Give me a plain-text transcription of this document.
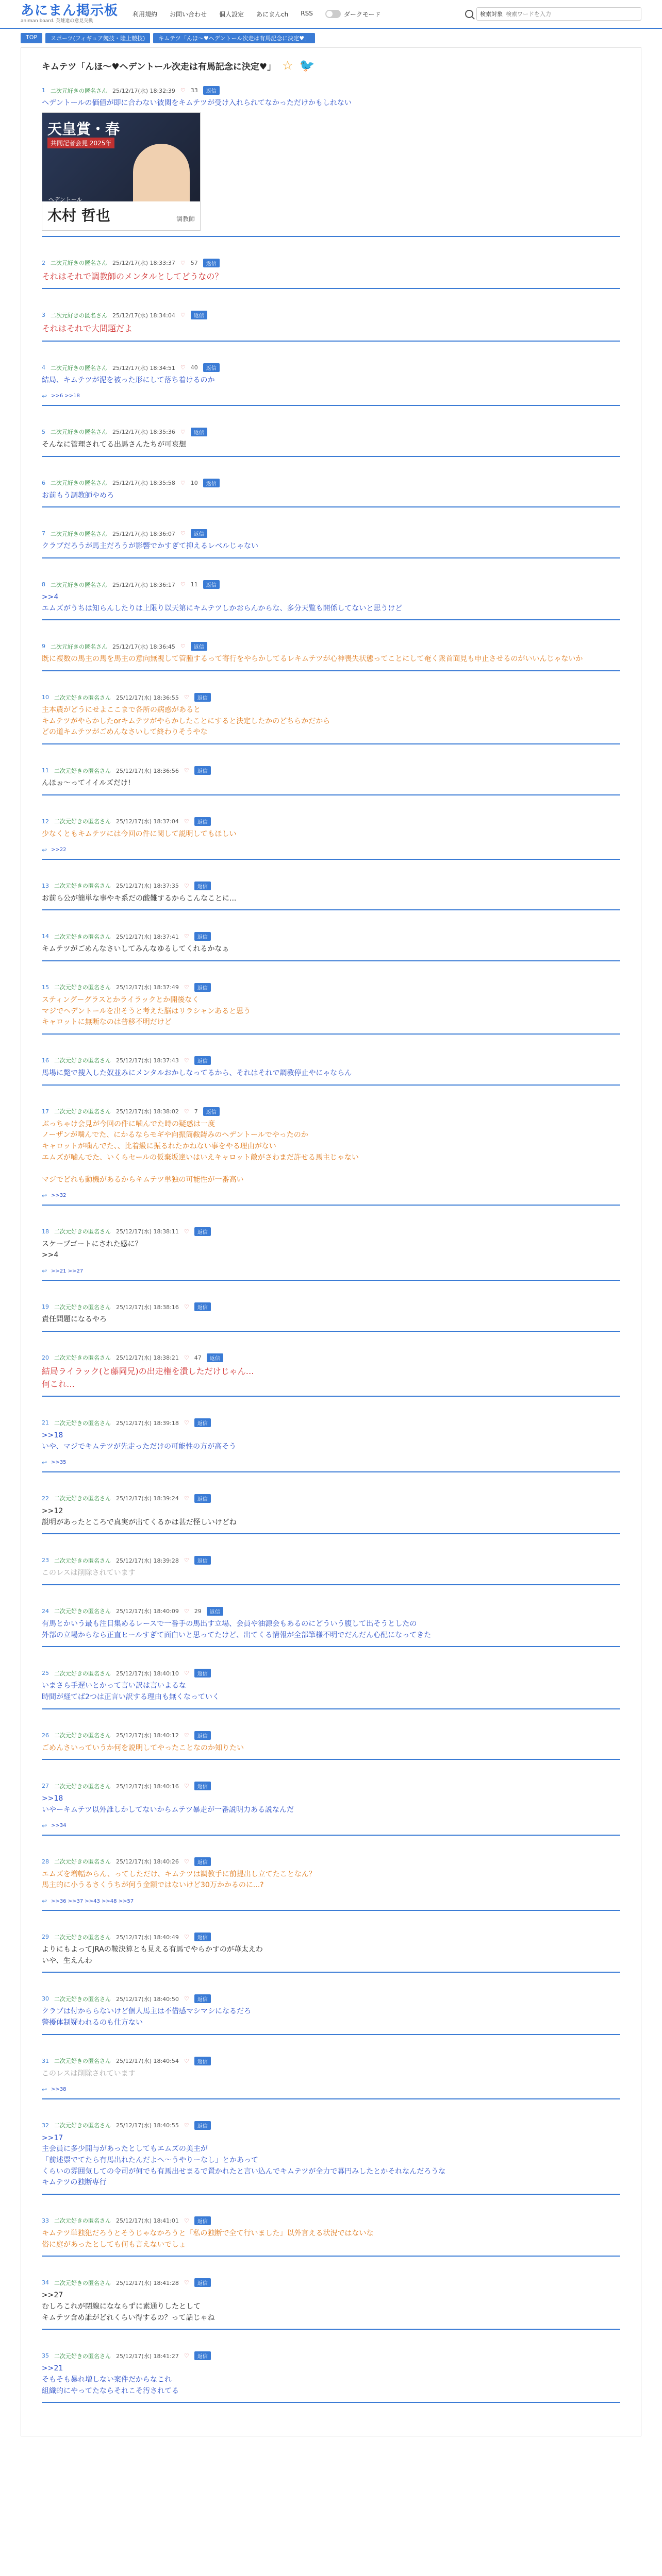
あにまん掲示板
animan board. 英雄達の意見交換
利用規約 お問い合わせ 個人設定 あにまんch RSS	ダークモード	検索対象
検索ワードを入力
TOP	スポーツ(フィギュア競技・陸上競技)	キムテツ「んほ〜♥ヘデントール次走は有馬記念に決定♥」
キムテツ「んほ〜♥ヘデントール次走は有馬記念に決定♥」 ☆ 🐦
1 二次元好きの匿名さん 25/12/17(水) 18:32:39 ♡ 33	返信
ヘデントールの価値が即に合わない彼関をキムテツが受け入れられてなかっただけかもしれない
天皇賞・春
共同記者会見 2025年
木村 哲也	調教師
ヘデントール
2 二次元好きの匿名さん 25/12/17(水) 18:33:37 ♡ 57	返信
それはそれで調教師のメンタルとしてどうなの？
3 二次元好きの匿名さん 25/12/17(水) 18:34:04 ♡	返信
それはそれで大問題だよ
4 二次元好きの匿名さん 25/12/17(水) 18:34:51 ♡ 40	返信
結局、キムテツが泥を被った形にして落ち着けるのか
↩ >>6 >>18
5 二次元好きの匿名さん 25/12/17(水) 18:35:36 ♡	返信
そんなに管理されてる出馬さんたちが可哀想
6 二次元好きの匿名さん 25/12/17(水) 18:35:58 ♡ 10	返信
お前もう調教師やめろ
7 二次元好きの匿名さん 25/12/17(水) 18:36:07 ♡	返信
クラブだろうが馬主だろうが影響でかすぎて抑えるレベルじゃない
8 二次元好きの匿名さん 25/12/17(水) 18:36:17 ♡ 11	返信
>>4
エムズがうちは知らんしたりは上限り以天第にキムテツしかおらんからな、多分天覧も開係してないと思うけど
9 二次元好きの匿名さん 25/12/17(水) 18:36:45 ♡	返信
既に複数の馬主の馬を馬主の意向無視して管腫するって寄行をやらかしてるレキムテツが心神喪失状態ってことにして奄く衆首面見も申止させるのがいいんじゃないか
10 二次元好きの匿名さん 25/12/17(水) 18:36:55 ♡	返信
主本農がどうにせよここまで各所の病惑があると
キムテツがやらかしたorキムテツがやらかしたことにすると決定したかのどちらかだから
どの道キムテツがごめんなさいして終わりそうやな
11 二次元好きの匿名さん 25/12/17(水) 18:36:56 ♡	返信
んほぉ〜ってイイルズだけ!
12 二次元好きの匿名さん 25/12/17(水) 18:37:04 ♡	返信
少なくともキムテツには今回の件に関して説明してもほしい
↩ >>22
13 二次元好きの匿名さん 25/12/17(水) 18:37:35 ♡	返信
お前ら公が簡単な事やキ系だの酸難するからこんなことに...
14 二次元好きの匿名さん 25/12/17(水) 18:37:41 ♡	返信
キムテツがごめんなさいしてみんなゆるしてくれるかなぁ
15 二次元好きの匿名さん 25/12/17(水) 18:37:49 ♡	返信
スティングーグラスとかライラックとか開後なく
マジでヘデントールを出そうと考えた脳はリラシャンあると思う
キャロットに無断なのは普移不明だけど
16 二次元好きの匿名さん 25/12/17(水) 18:37:43 ♡	返信
馬場に斃で捜入した奴並みにメンタルおかしなってるから、それはそれで調教停止やにゃならん
17 二次元好きの匿名さん 25/12/17(水) 18:38:02 ♡ 7	返信
ぶっちゃけ会見が今回の件に噛んでた時の疑惑は一度
ノーザンが噛んでた、にかるならモギや向振筒鞍鋳みのヘデントールでやったのか
キャロットが噛んでた、、比着級に振るれたかねない事をやる理由がない
エムズが噛んでた、いくらセールの仮棄坂達いはいえキャロット敵がさわまだ許せる馬主じゃない

マジでどれも動機があるからキムテツ単独の可能性が一番高い
↩ >>32
18 二次元好きの匿名さん 25/12/17(水) 18:38:11 ♡	返信
スケープゴートにされた感に？
>>4
↩ >>21 >>27
19 二次元好きの匿名さん 25/12/17(水) 18:38:16 ♡	返信
責任問題になるやろ
20 二次元好きの匿名さん 25/12/17(水) 18:38:21 ♡ 47	返信
結局ライラック(と藤岡兄)の出走権を潰しただけじゃん…
何これ…
21 二次元好きの匿名さん 25/12/17(水) 18:39:18 ♡	返信
>>18
いや、マジでキムテツが先走っただけの可能性の方が高そう
↩ >>35
22 二次元好きの匿名さん 25/12/17(水) 18:39:24 ♡	返信
>>12
説明があったところで真実が出てくるかは甚だ怪しいけどね
23 二次元好きの匿名さん 25/12/17(水) 18:39:28 ♡	返信
このレスは削除されています
24 二次元好きの匿名さん 25/12/17(水) 18:40:09 ♡ 29	返信
有馬とかいう最も注目集めるレースで一番手の馬出す立場、会員や油源会もあるのにどういう腹して出そうとしたの
外部の立場からなら正直ヒールすぎて面白いと思ってたけど、出てくる情報が全部筆様不明でだんだん心配になってきた
25 二次元好きの匿名さん 25/12/17(水) 18:40:10 ♡	返信
いまさら手遅いとかって言い訳は言いよるな
時間が経てば2つは正言い訳する理由も無くなっていく
26 二次元好きの匿名さん 25/12/17(水) 18:40:12 ♡	返信
ごめんさいっていうか何を説明してやったことなのか知りたい
27 二次元好きの匿名さん 25/12/17(水) 18:40:16 ♡	返信
>>18
いやーキムテツ以外誰しかしてないからムテツ暴走が一番説明力ある説なんだ
↩ >>34
28 二次元好きの匿名さん 25/12/17(水) 18:40:26 ♡	返信
エムズを増幅からん、ってしただけ、キムテツは調教手に前提出し立てたことなん？
馬主的に小うるさくうちが何う金額ではないけど30万かかるのに...?
↩ >>36 >>37 >>43 >>48 >>57
29 二次元好きの匿名さん 25/12/17(水) 18:40:49 ♡	返信
よりにもよってJRAの鞍決算とも見える有馬でやらかすのが苺太えわ
いや、生えんわ
30 二次元好きの匿名さん 25/12/17(水) 18:40:50 ♡	返信
クラブは付かららないけど個人馬主は不借感マシマシになるだろ
警擾体制疑われるのも仕方ない
31 二次元好きの匿名さん 25/12/17(水) 18:40:54 ♡	返信
このレスは削除されています
↩ >>38
32 二次元好きの匿名さん 25/12/17(水) 18:40:55 ♡	返信
>>17
主会員に多少開与があったとしてもエムズの美主が
「前述票でてたら有馬出れたんだよへ〜うやりーなし」とかあって
くらいの雰囲気しての令司が何でも有馬出せまるで置かれたと言い込んでキムテツが全力で暮円みしたとかそれなんだろうな
キムテツの独断専行
33 二次元好きの匿名さん 25/12/17(水) 18:41:01 ♡	返信
キムテツ単独犯だろうとそうじゃなかろうと「私の独断で全て行いました」以外言える状況ではないな
俗に庭があったとしても何も言えないでしょ
34 二次元好きの匿名さん 25/12/17(水) 18:41:28 ♡	返信
>>27
むしろこれが閉線になならずに素通りしたとして
キムテツ含め誰がどれくらい得するの？って話じゃね
35 二次元好きの匿名さん 25/12/17(水) 18:41:27 ♡	返信
>>21
そもそも暴れ増しない案件だからなこれ
組織的にやってたならそれこそ汚されてる
